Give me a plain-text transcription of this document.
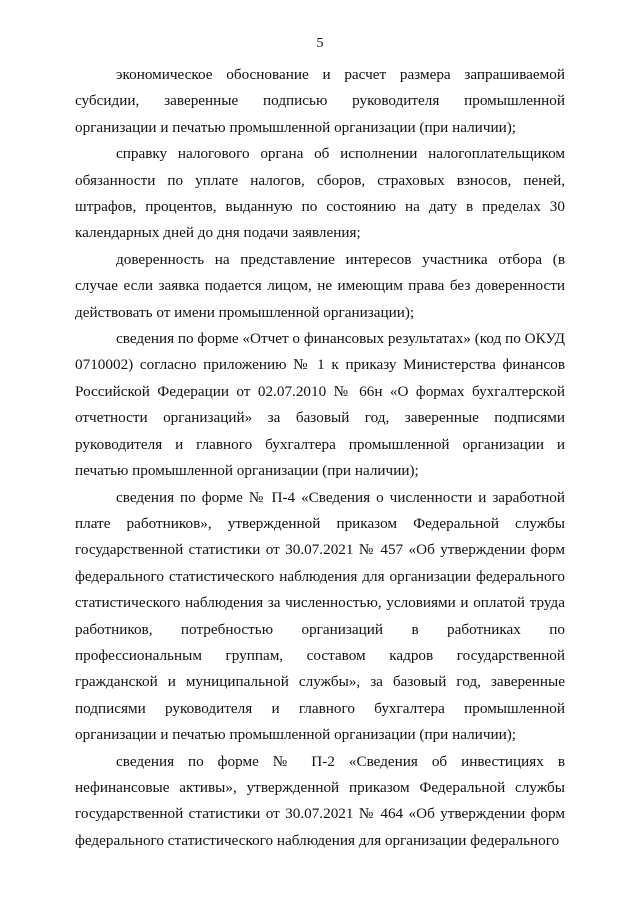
5

экономическое обоснование и расчет размера запрашиваемой субсидии, заверенные подписью руководителя промышленной организации и печатью промышленной организации (при наличии);

справку налогового органа об исполнении налогоплательщиком обязанности по уплате налогов, сборов, страховых взносов, пеней, штрафов, процентов, выданную по состоянию на дату в пределах 30 календарных дней до дня подачи заявления;

доверенность на представление интересов участника отбора (в случае если заявка подается лицом, не имеющим права без доверенности действовать от имени промышленной организации);

сведения по форме «Отчет о финансовых результатах» (код по ОКУД 0710002) согласно приложению № 1 к приказу Министерства финансов Российской Федерации от 02.07.2010 № 66н «О формах бухгалтерской отчетности организаций» за базовый год, заверенные подписями руководителя и главного бухгалтера промышленной организации и печатью промышленной организации (при наличии);

сведения по форме № П-4 «Сведения о численности и заработной плате работников», утвержденной приказом Федеральной службы государственной статистики от 30.07.2021 № 457 «Об утверждении форм федерального статистического наблюдения для организации федерального статистического наблюдения за численностью, условиями и оплатой труда работников, потребностью организаций в работниках по профессиональным группам, составом кадров государственной гражданской и муниципальной службы», за базовый год, заверенные подписями руководителя и главного бухгалтера промышленной организации и печатью промышленной организации (при наличии);

сведения по форме № П-2 «Сведения об инвестициях в нефинансовые активы», утвержденной приказом Федеральной службы государственной статистики от 30.07.2021 № 464 «Об утверждении форм федерального статистического наблюдения для организации федерального
